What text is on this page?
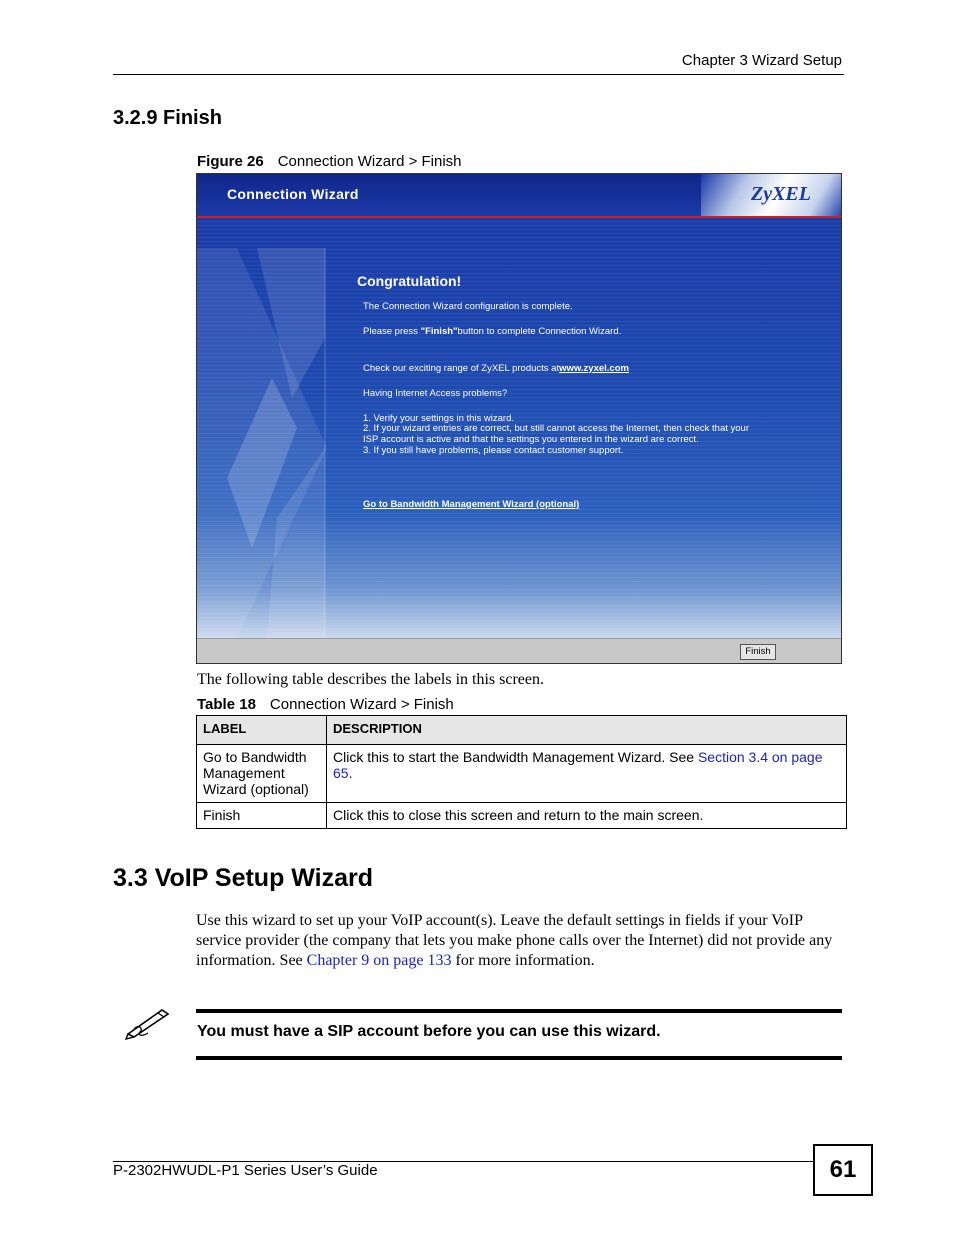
Chapter 3 Wizard Setup
3.2.9 Finish
Figure 26 Connection Wizard > Finish
Connection Wizard	ZyXEL
Congratulation!
The Connection Wizard configuration is complete.
Please press "Finish"button to complete Connection Wizard.
Check our exciting range of ZyXEL products atwww.zyxel.com
Having Internet Access problems?
1. Verify your settings in this wizard.
2. If your wizard entries are correct, but still cannot access the Internet, then check that your
ISP account is active and that the settings you entered in the wizard are correct.
3. If you still have problems, please contact customer support.
Go to Bandwidth Management Wizard (optional)
Finish
The following table describes the labels in this screen.
Table 18 Connection Wizard > Finish
LABEL	DESCRIPTION
Go to Bandwidth Management Wizard (optional)	Click this to start the Bandwidth Management Wizard. See Section 3.4 on page 65.
Finish	Click this to close this screen and return to the main screen.
3.3 VoIP Setup Wizard
Use this wizard to set up your VoIP account(s). Leave the default settings in fields if your VoIP service provider (the company that lets you make phone calls over the Internet) did not provide any information. See Chapter 9 on page 133 for more information.
You must have a SIP account before you can use this wizard.
P-2302HWUDL-P1 Series User’s Guide	61
